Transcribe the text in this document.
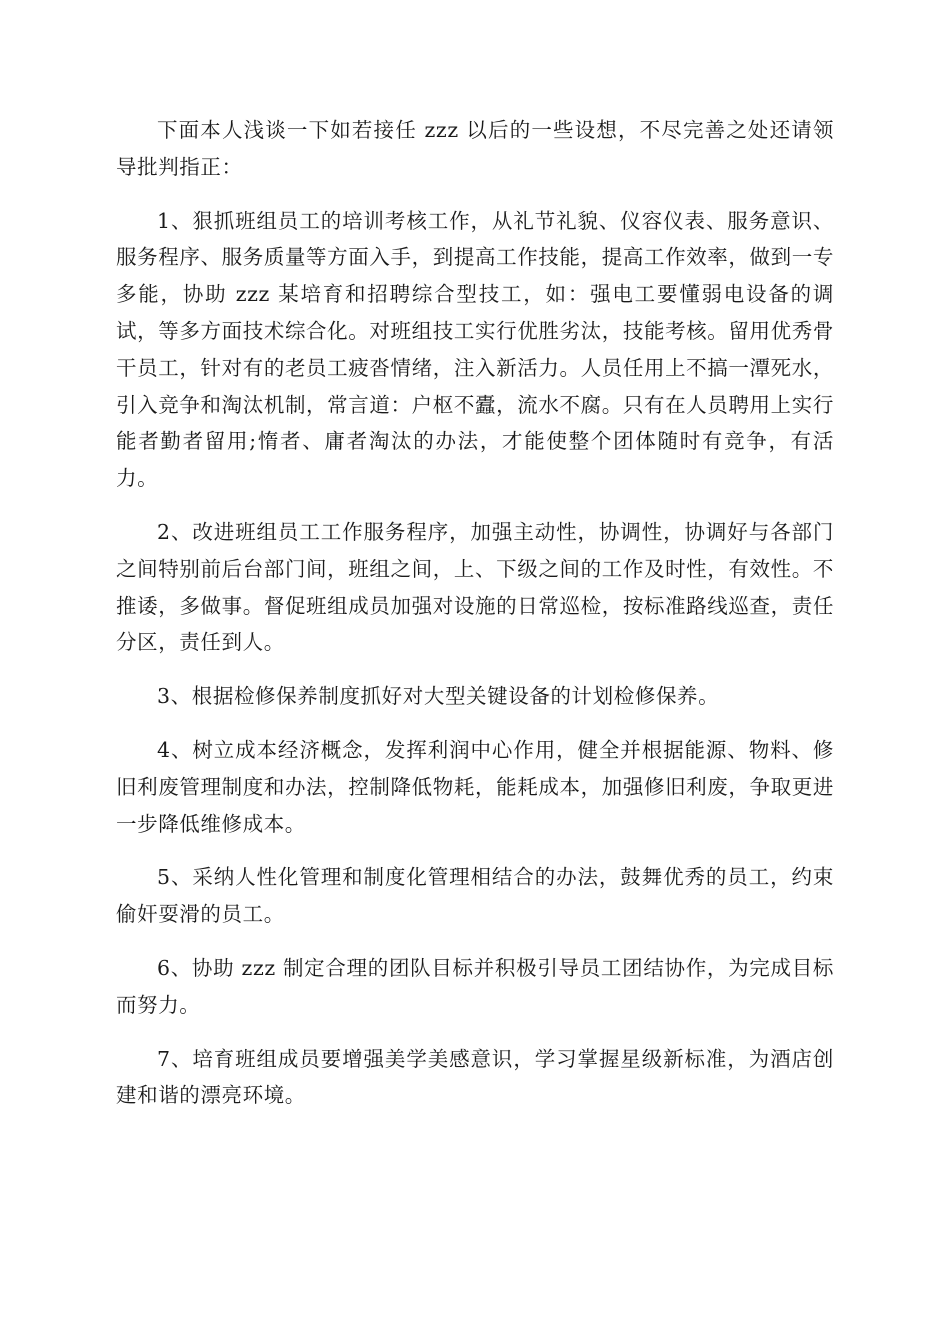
下面本人浅谈一下如若接任 zzz 以后的一些设想，不尽完善之处还请领导批判指正：

1、狠抓班组员工的培训考核工作，从礼节礼貌、仪容仪表、服务意识、服务程序、服务质量等方面入手，到提高工作技能，提高工作效率，做到一专多能，协助 zzz 某培育和招聘综合型技工，如：强电工要懂弱电设备的调试，等多方面技术综合化。对班组技工实行优胜劣汰，技能考核。留用优秀骨干员工，针对有的老员工疲沓情绪，注入新活力。人员任用上不搞一潭死水，引入竞争和淘汰机制，常言道：户枢不蠹，流水不腐。只有在人员聘用上实行能者勤者留用;惰者、庸者淘汰的办法，才能使整个团体随时有竞争，有活力。

2、改进班组员工工作服务程序，加强主动性，协调性，协调好与各部门之间特别前后台部门间，班组之间，上、下级之间的工作及时性，有效性。不推诿，多做事。督促班组成员加强对设施的日常巡检，按标准路线巡查，责任分区，责任到人。

3、根据检修保养制度抓好对大型关键设备的计划检修保养。

4、树立成本经济概念，发挥利润中心作用，健全并根据能源、物料、修旧利废管理制度和办法，控制降低物耗，能耗成本，加强修旧利废，争取更进一步降低维修成本。

5、采纳人性化管理和制度化管理相结合的办法，鼓舞优秀的员工，约束偷奸耍滑的员工。

6、协助 zzz 制定合理的团队目标并积极引导员工团结协作，为完成目标而努力。

7、培育班组成员要增强美学美感意识，学习掌握星级新标准，为酒店创建和谐的漂亮环境。
